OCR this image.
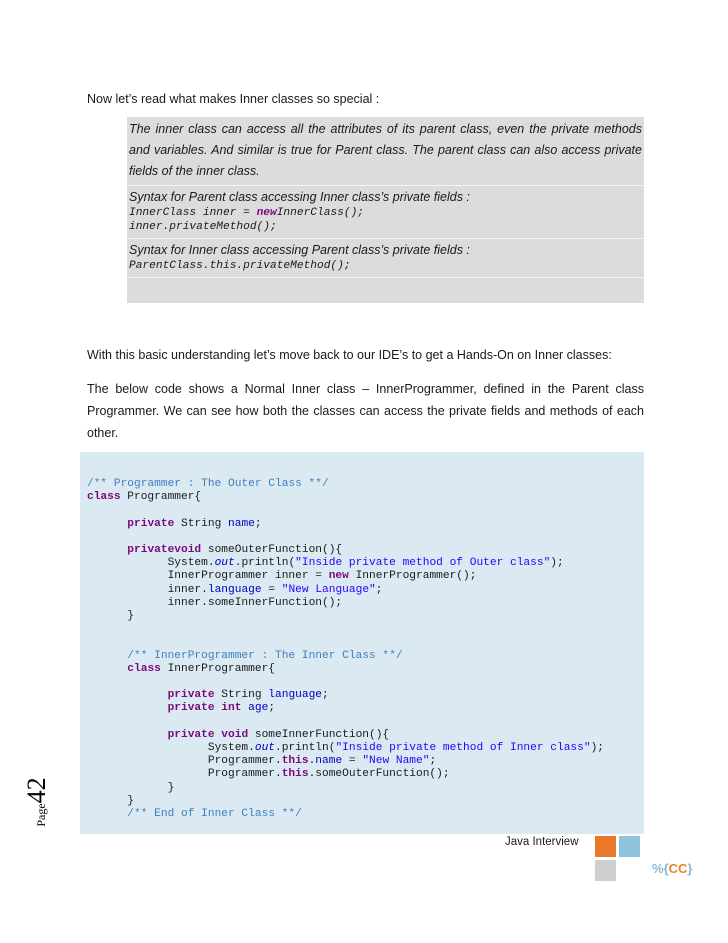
Now let’s read what makes Inner classes so special :
The inner class can access all the attributes of its parent class, even the private methods and variables. And similar is true for Parent class. The parent class can also access private fields of the inner class.
Syntax for Parent class accessing Inner class’s private fields :
InnerClass inner = newInnerClass();
inner.privateMethod();
Syntax for Inner class accessing Parent class’s private fields :
ParentClass.this.privateMethod();
With this basic understanding let’s move back to our IDE’s to get a Hands-On on Inner classes:
The below code shows a Normal Inner class – InnerProgrammer, defined in the Parent class Programmer. We can see how both the classes can access the private fields and methods of each other.
/** Programmer : The Outer Class **/
class Programmer{

private String name;

privatevoid someOuterFunction(){
System.out.println("Inside private method of Outer class");
InnerProgrammer inner = new InnerProgrammer();
inner.language = "New Language";
inner.someInnerFunction();
}

/** InnerProgrammer : The Inner Class **/
class InnerProgrammer{

private String language;
private int age;

private void someInnerFunction(){
System.out.println("Inside private method of Inner class");
Programmer.this.name = "New Name";
Programmer.this.someOuterFunction();
}
}
/** End of Inner Class **/
Page
42
Java Interview
%{CC}
